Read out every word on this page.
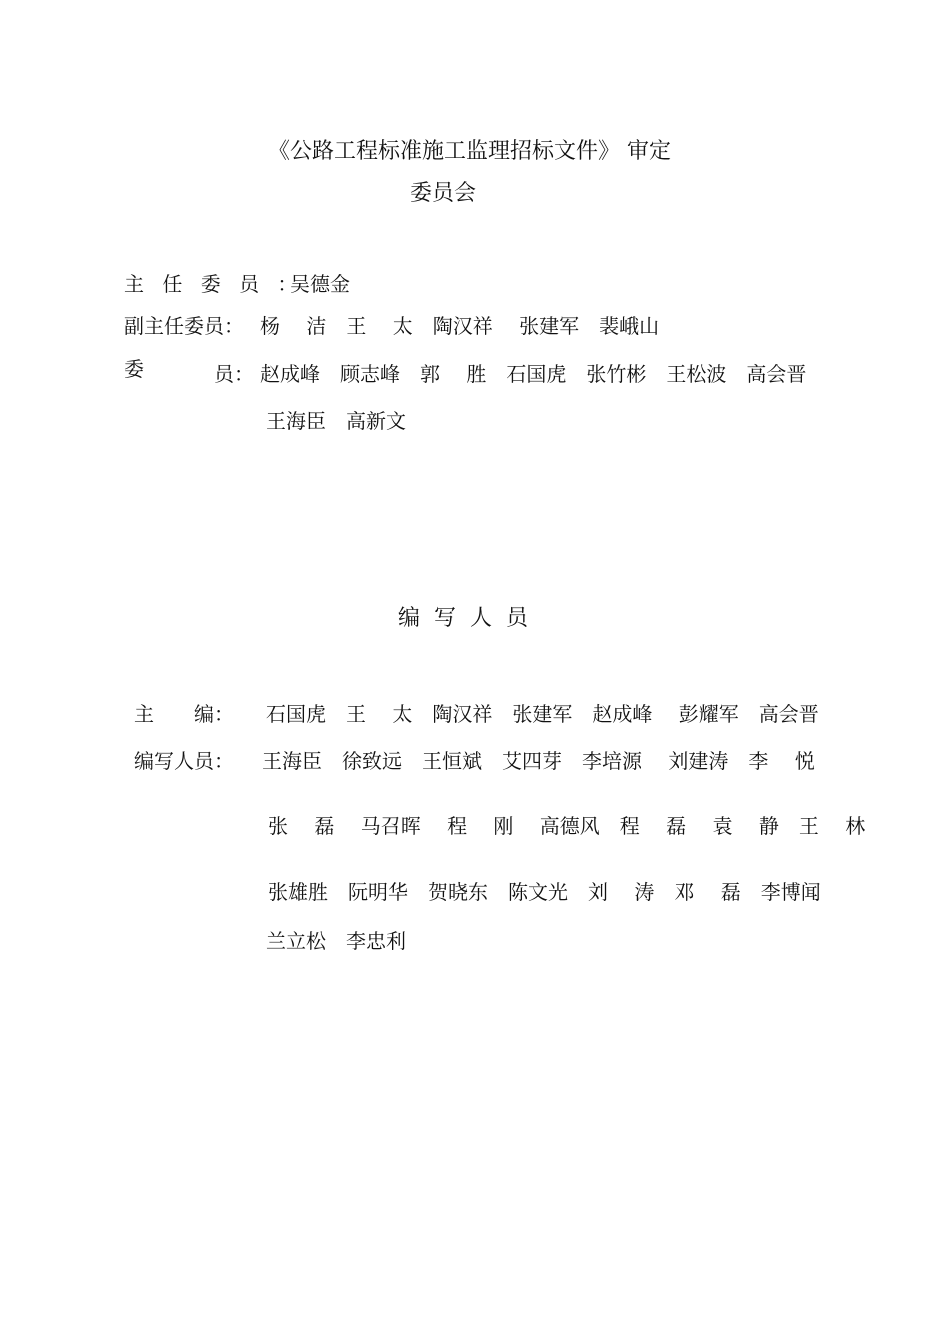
《公路工程标准施工监理招标文件》 审定
委员会
主 任 委 员 ：
吴德金
副主任委员： 杨　 洁　王　 太　陶汉祥　 张建军　裴峨山
委	员： 赵成峰　顾志峰　郭　 胜　石国虎　张竹彬　王松波　高会晋
王海臣　高新文
编写人员
主　　编： 石国虎　王　 太　陶汉祥　张建军　赵成峰　 彭耀军　高会晋
编写人员： 王海臣　徐致远　王恒斌　艾四芽　李培源　 刘建涛　李　 悦
张　 磊　 马召晖　 程　 刚　 高德风　程　 磊　 袁　 静　王　 林
张雄胜　阮明华　贺晓东　陈文光　刘　 涛　邓　 磊　李博闻
兰立松　李忠利
